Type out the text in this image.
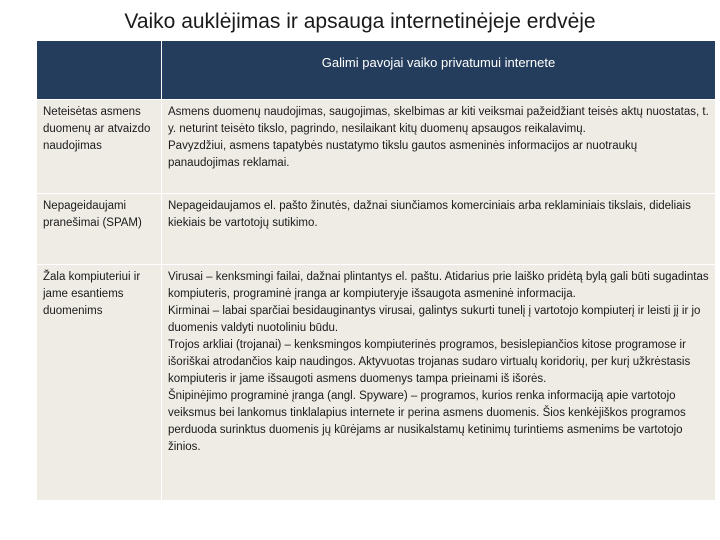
Vaiko auklėjimas ir apsauga internetinėjeje erdvėje

	Galimi pavojai vaiko privatumui internete

Neteisėtas asmens duomenų ar atvaizdo naudojimas	Asmens duomenų naudojimas, saugojimas, skelbimas ar kiti veiksmai pažeidžiant teisės aktų nuostatas, t. y. neturint teisėto tikslo, pagrindo, nesilaikant kitų duomenų apsaugos reikalavimų.
Pavyzdžiui, asmens tapatybės nustatymo tikslu gautos asmeninės informacijos ar nuotraukų panaudojimas reklamai.

Nepageidaujami pranešimai (SPAM)	Nepageidaujamos el. pašto žinutės, dažnai siunčiamos komerciniais arba reklaminiais tikslais, dideliais kiekiais be vartotojų sutikimo.

Žala kompiuteriui ir jame esantiems duomenims	Virusai – kenksmingi failai, dažnai plintantys el. paštu. Atidarius prie laiško pridėtą bylą gali būti sugadintas kompiuteris, programinė įranga ar kompiuteryje išsaugota asmeninė informacija.
Kirminai – labai sparčiai besidauginantys virusai, galintys sukurti tunelį į vartotojo kompiuterį ir leisti jį ir jo duomenis valdyti nuotoliniu būdu.
Trojos arkliai (trojanai) – kenksmingos kompiuterinės programos, besislepiančios kitose programose ir išoriškai atrodančios kaip naudingos. Aktyvuotas trojanas sudaro virtualų koridorių, per kurį užkrėstasis kompiuteris ir jame išsaugoti asmens duomenys tampa prieinami iš išorės.
Šnipinėjimo programinė įranga (angl. Spyware) – programos, kurios renka informaciją apie vartotojo veiksmus bei lankomus tinklalapius internete ir perina asmens duomenis. Šios kenkėjiškos programos perduoda surinktus duomenis jų kūrėjams ar nusikalstamų ketinimų turintiems asmenims be vartotojo žinios.
